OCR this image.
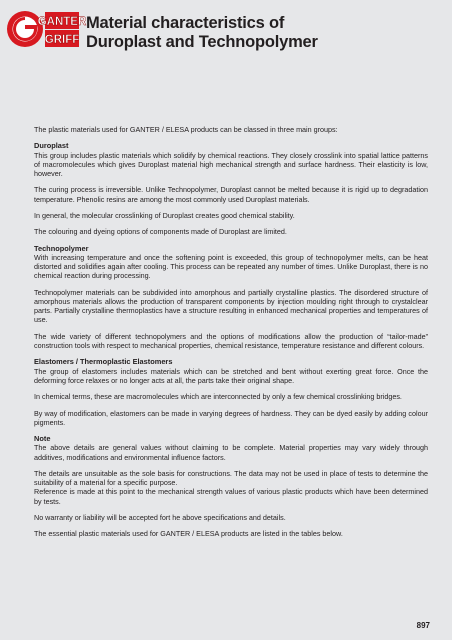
GANTER
GRIFF
Material characteristics of
Duroplast and Technopolymer

The plastic materials used for GANTER / ELESA products can be classed in three main groups:

Duroplast

This group includes plastic materials which solidify by chemical reactions. They closely crosslink into spatial lattice patterns of macromolecules which gives Duroplast material high mechanical strength and surface hardness. Their elasticity is low, however.

The curing process is irreversible. Unlike Technopolymer, Duroplast cannot be melted because it is rigid up to degradation temperature. Phenolic resins are among the most commonly used Duroplast materials.

In general, the molecular crosslinking of Duroplast creates good chemical stability.

The colouring and dyeing options of components made of Duroplast are limited.

Technopolymer

With increasing temperature and once the softening point is exceeded, this group of technopolymer melts, can be heat distorted and solidifies again after cooling. This process can be repeated any number of times. Unlike Duroplast, there is no chemical reaction during processing.

Technopolymer materials can be subdivided into amorphous and partially crystalline plastics. The disordered structure of amorphous materials allows the production of transparent components by injection moulding right through to crystalclear parts. Partially crystalline thermoplastics have a structure resulting in enhanced mechanical properties and temperatures of use.

The wide variety of different technopolymers and the options of modifications allow the production of “tailor-made” construction tools with respect to mechanical properties, chemical resistance, temperature resistance and different colours.

Elastomers / Thermoplastic Elastomers

The group of elastomers includes materials which can be stretched and bent without exerting great force. Once the deforming force relaxes or no longer acts at all, the parts take their original shape.

In chemical terms, these are macromolecules which are interconnected by only a few chemical crosslinking bridges.

By way of modification, elastomers can be made in varying degrees of hardness. They can be dyed easily by adding colour pigments.

Note

The above details are general values without claiming to be complete. Material properties may vary widely through additives, modifications and environmental influence factors.

The details are unsuitable as the sole basis for constructions. The data may not be used in place of tests to determine the suitability of a material for a specific purpose.

Reference is made at this point to the mechanical strength values of various plastic products which have been determined by tests.

No warranty or liability will be accepted fort he above specifications and details.

The essential plastic materials used for GANTER / ELESA products are listed in the tables below.

897
